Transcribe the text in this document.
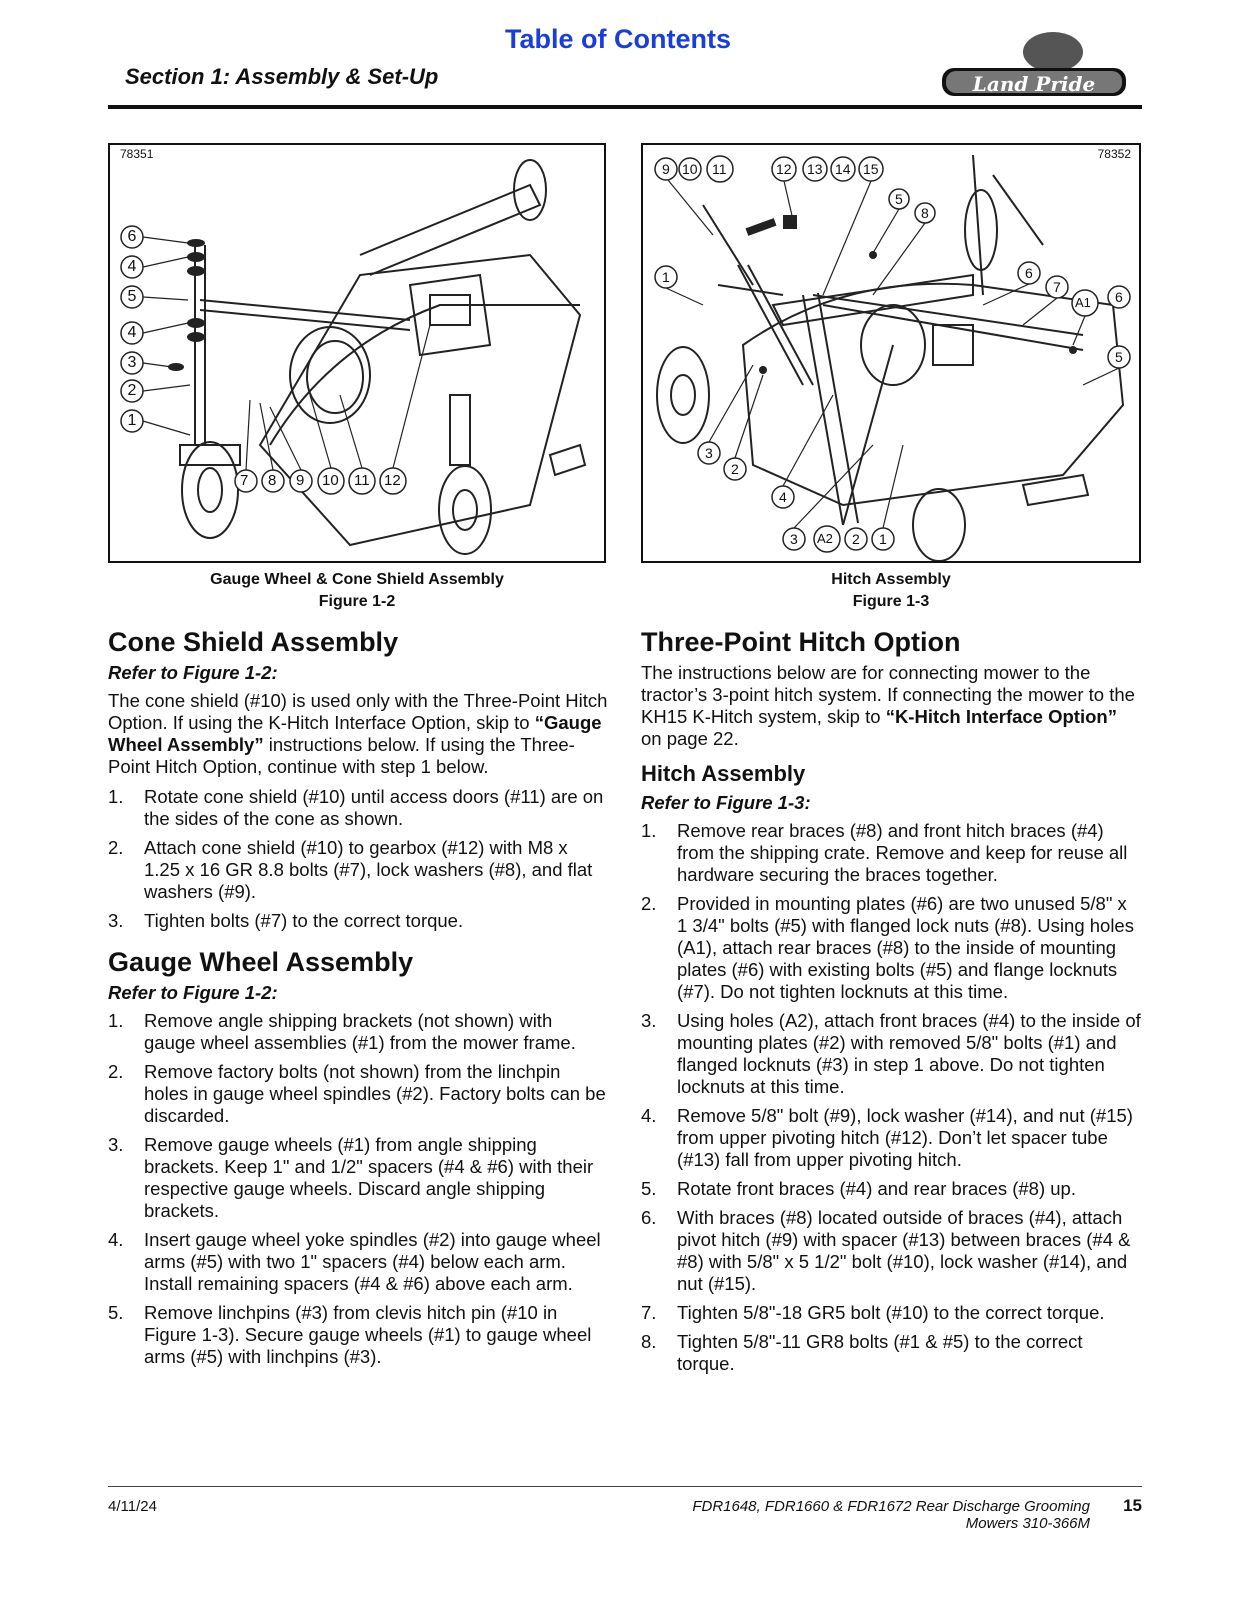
Table of Contents
Section 1: Assembly & Set-Up	Land Pride
78351
6
4
5
4
3
2
1
7 8 9 10 11 12
78352
9 10 11	12 13 14 15
5
8
1	6
7
A1 6
5
3
2
4
3 A2 2 1
Gauge Wheel & Cone Shield Assembly
Figure 1-2
Hitch Assembly
Figure 1-3
Cone Shield Assembly
Refer to Figure 1-2:

The cone shield (#10) is used only with the Three-Point Hitch Option. If using the K-Hitch Interface Option, skip to “Gauge Wheel Assembly” instructions below. If using the Three-Point Hitch Option, continue with step 1 below.

1. Rotate cone shield (#10) until access doors (#11) are on the sides of the cone as shown.
2. Attach cone shield (#10) to gearbox (#12) with M8 x 1.25 x 16 GR 8.8 bolts (#7), lock washers (#8), and flat washers (#9).
3. Tighten bolts (#7) to the correct torque.
Gauge Wheel Assembly
Refer to Figure 1-2:
1. Remove angle shipping brackets (not shown) with gauge wheel assemblies (#1) from the mower frame.
2. Remove factory bolts (not shown) from the linchpin holes in gauge wheel spindles (#2). Factory bolts can be discarded.
3. Remove gauge wheels (#1) from angle shipping brackets. Keep 1" and 1/2" spacers (#4 & #6) with their respective gauge wheels. Discard angle shipping brackets.
4. Insert gauge wheel yoke spindles (#2) into gauge wheel arms (#5) with two 1" spacers (#4) below each arm. Install remaining spacers (#4 & #6) above each arm.
5. Remove linchpins (#3) from clevis hitch pin (#10 in Figure 1-3). Secure gauge wheels (#1) to gauge wheel arms (#5) with linchpins (#3).
Three-Point Hitch Option

The instructions below are for connecting mower to the tractor’s 3-point hitch system. If connecting the mower to the KH15 K-Hitch system, skip to “K-Hitch Interface Option” on page 22.

Hitch Assembly
Refer to Figure 1-3:
1. Remove rear braces (#8) and front hitch braces (#4) from the shipping crate. Remove and keep for reuse all hardware securing the braces together.
2. Provided in mounting plates (#6) are two unused 5/8" x 1 3/4" bolts (#5) with flanged lock nuts (#8). Using holes (A1), attach rear braces (#8) to the inside of mounting plates (#6) with existing bolts (#5) and flange locknuts (#7). Do not tighten locknuts at this time.
3. Using holes (A2), attach front braces (#4) to the inside of mounting plates (#2) with removed 5/8" bolts (#1) and flanged locknuts (#3) in step 1 above. Do not tighten locknuts at this time.
4. Remove 5/8" bolt (#9), lock washer (#14), and nut (#15) from upper pivoting hitch (#12). Don’t let spacer tube (#13) fall from upper pivoting hitch.
5. Rotate front braces (#4) and rear braces (#8) up.
6. With braces (#8) located outside of braces (#4), attach pivot hitch (#9) with spacer (#13) between braces (#4 & #8) with 5/8" x 5 1/2" bolt (#10), lock washer (#14), and nut (#15).
7. Tighten 5/8"-18 GR5 bolt (#10) to the correct torque.
8. Tighten 5/8"-11 GR8 bolts (#1 & #5) to the correct torque.
4/11/24	FDR1648, FDR1660 & FDR1672 Rear Discharge Grooming Mowers 310-366M
15
